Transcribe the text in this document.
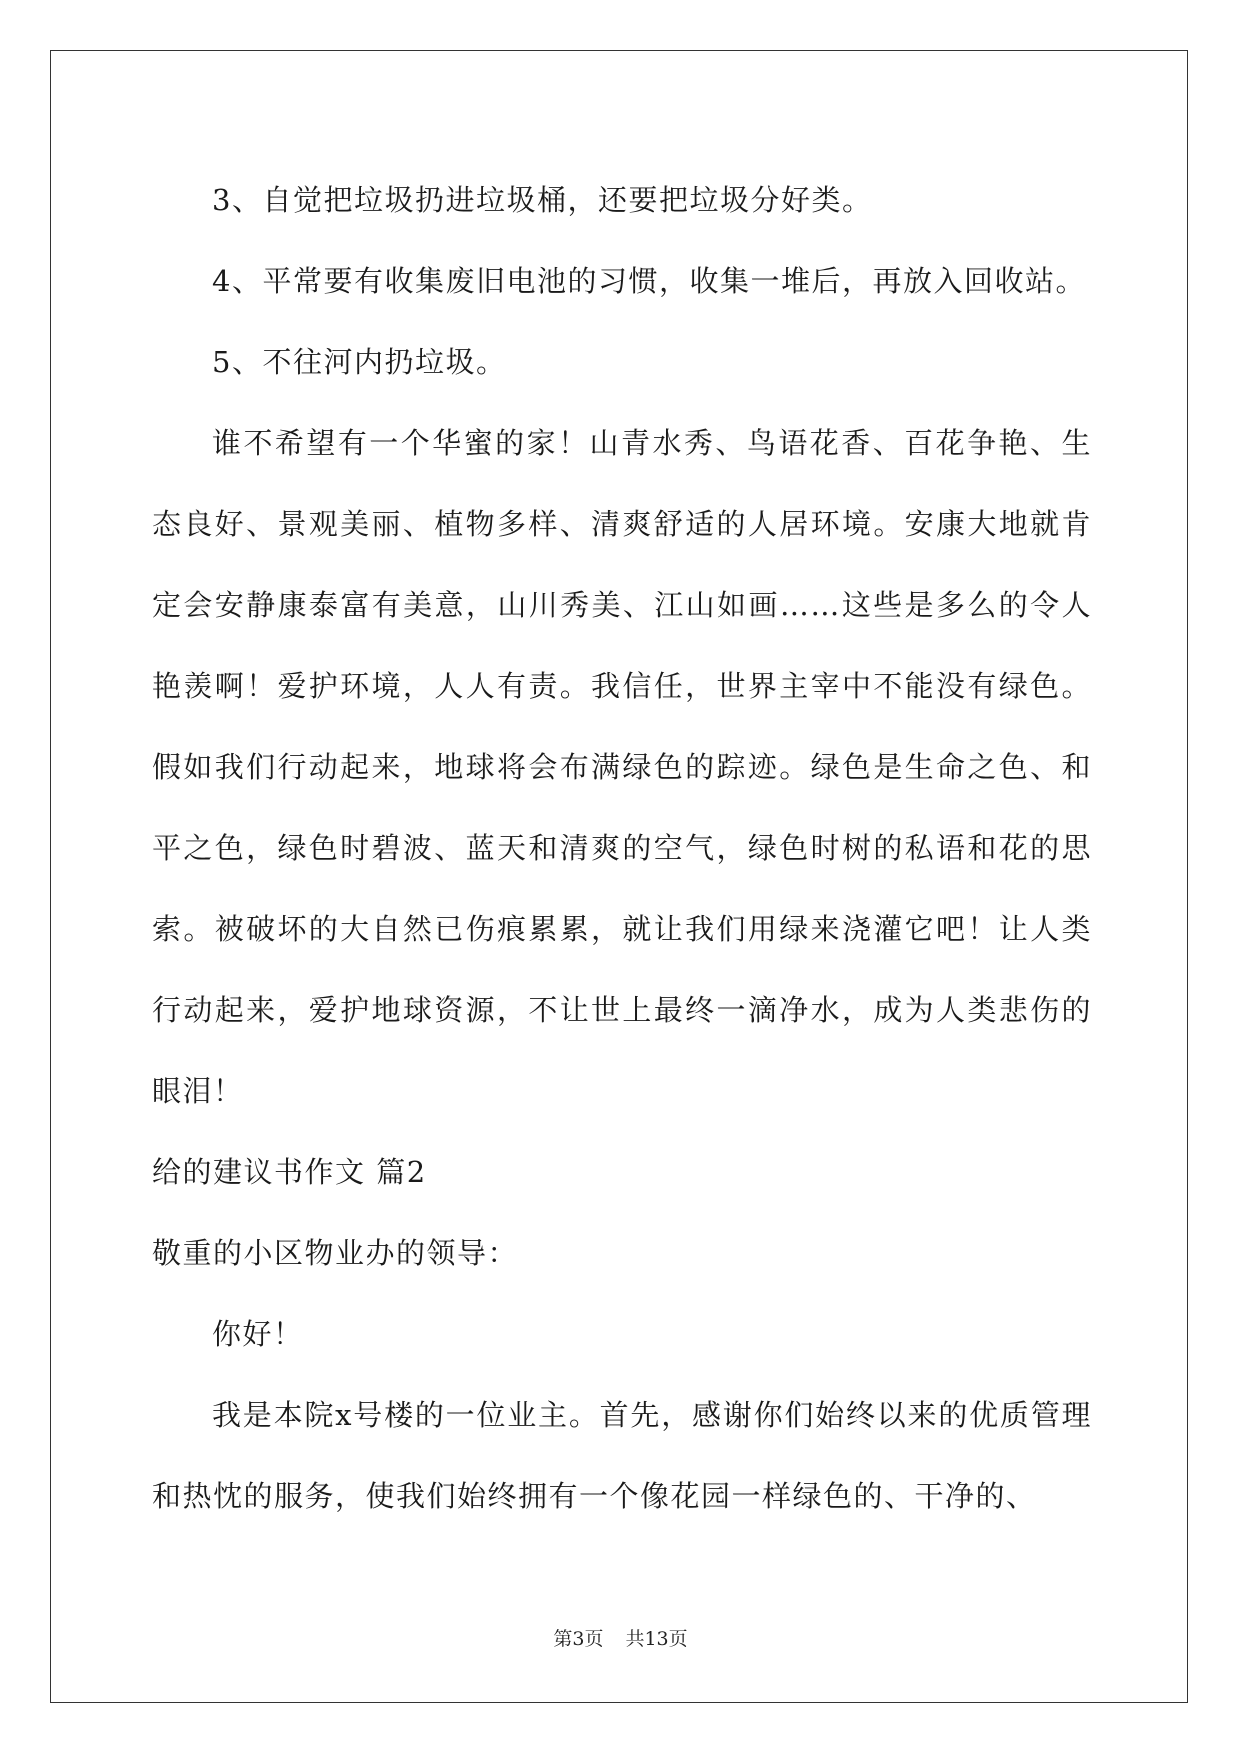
3、自觉把垃圾扔进垃圾桶，还要把垃圾分好类。

4、平常要有收集废旧电池的习惯，收集一堆后，再放入回收站。

5、不往河内扔垃圾。

谁不希望有一个华蜜的家！山青水秀、鸟语花香、百花争艳、生态良好、景观美丽、植物多样、清爽舒适的人居环境。安康大地就肯定会安静康泰富有美意，山川秀美、江山如画……这些是多么的令人艳羡啊！爱护环境，人人有责。我信任，世界主宰中不能没有绿色。假如我们行动起来，地球将会布满绿色的踪迹。绿色是生命之色、和平之色，绿色时碧波、蓝天和清爽的空气，绿色时树的私语和花的思索。被破坏的大自然已伤痕累累，就让我们用绿来浇灌它吧！让人类行动起来，爱护地球资源，不让世上最终一滴净水，成为人类悲伤的眼泪！

给的建议书作文 篇2

敬重的小区物业办的领导：

你好！

我是本院x号楼的一位业主。首先，感谢你们始终以来的优质管理和热忱的服务，使我们始终拥有一个像花园一样绿色的、干净的、

第3页 共13页
